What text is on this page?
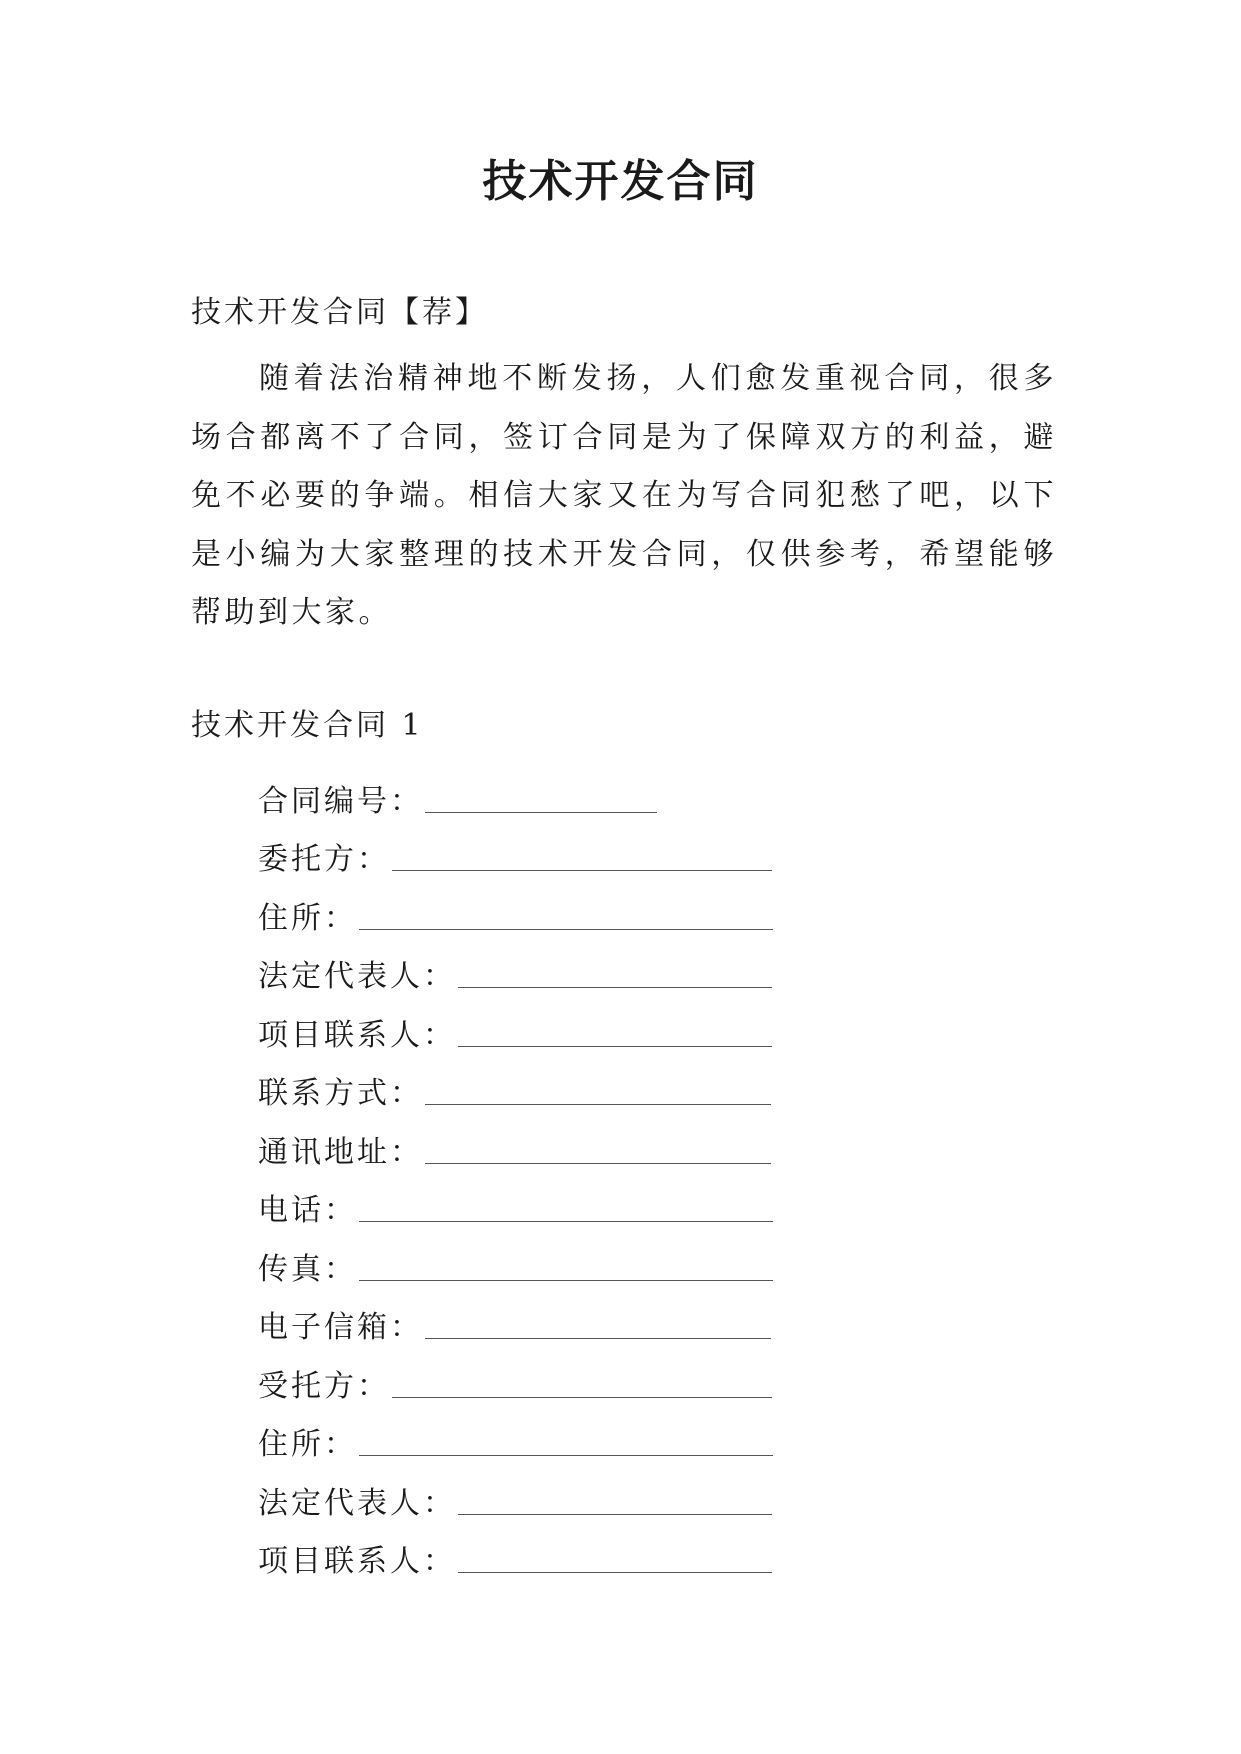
技术开发合同

技术开发合同【荐】

随着法治精神地不断发扬，人们愈发重视合同，很多场合都离不了合同，签订合同是为了保障双方的利益，避免不必要的争端。相信大家又在为写合同犯愁了吧，以下是小编为大家整理的技术开发合同，仅供参考，希望能够帮助到大家。

技术开发合同 1

合同编号：
委托方：
住所：
法定代表人：
项目联系人：
联系方式：
通讯地址：
电话：
传真：
电子信箱：
受托方：
住所：
法定代表人：
项目联系人：
